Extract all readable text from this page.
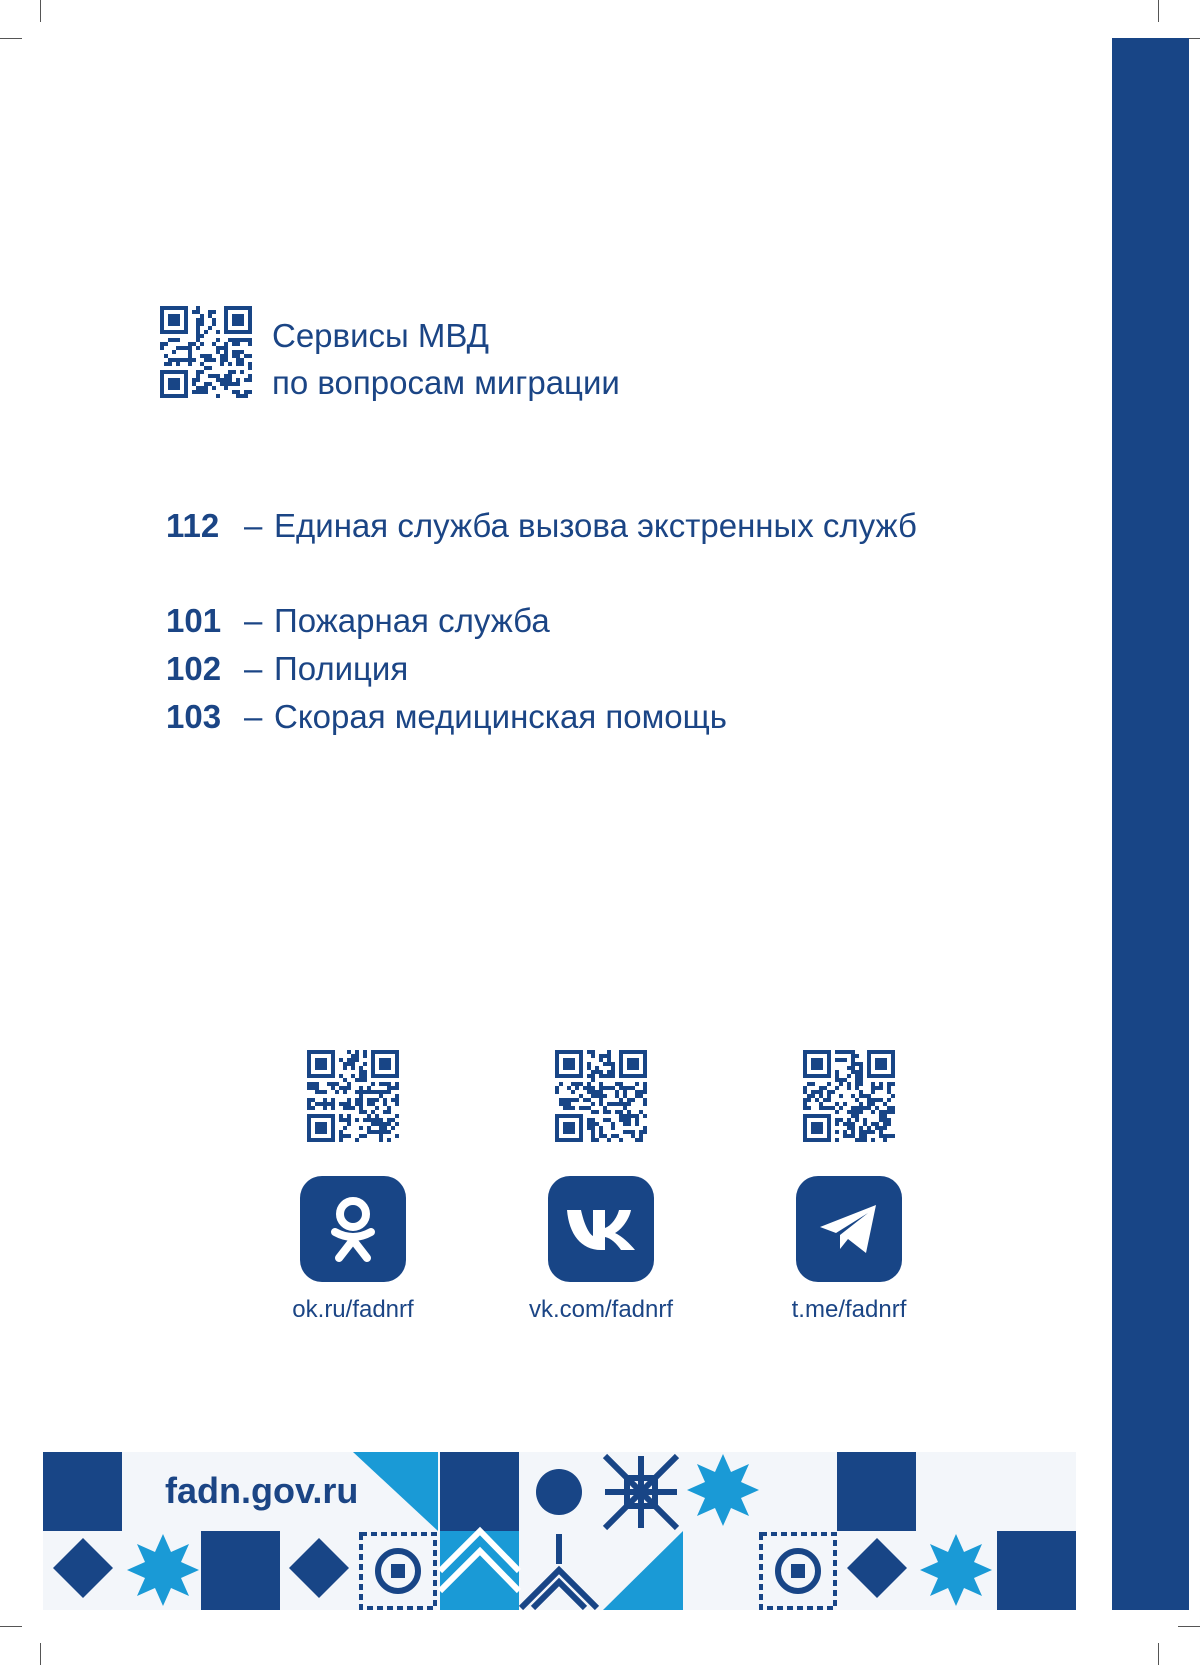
Сервисы МВД
по вопросам миграции
112 – Единая служба вызова экстренных служб
101 – Пожарная служба
102 – Полиция
103 – Скорая медицинская помощь
ok.ru/fadnrf	vk.com/fadnrf	t.me/fadnrf
fadn.gov.ru
